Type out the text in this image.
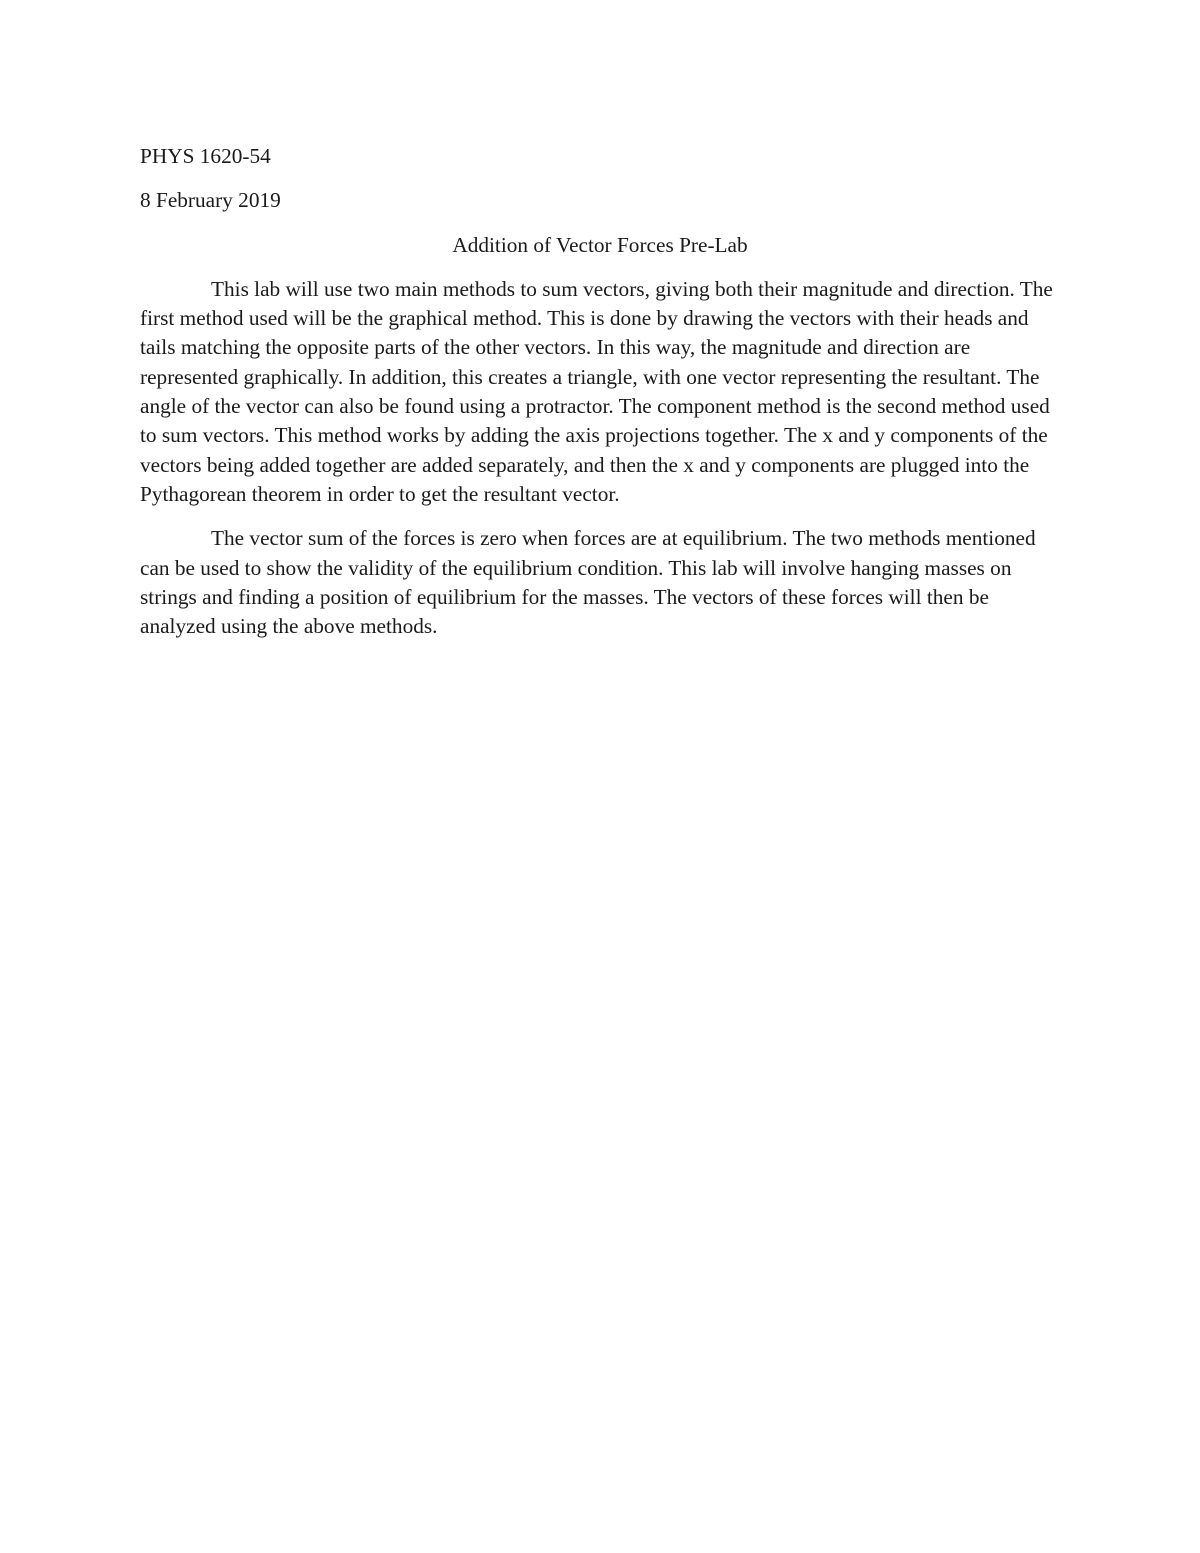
PHYS 1620-54

8 February 2019

Addition of Vector Forces Pre-Lab

This lab will use two main methods to sum vectors, giving both their magnitude and direction. The first method used will be the graphical method. This is done by drawing the vectors with their heads and tails matching the opposite parts of the other vectors. In this way, the magnitude and direction are represented graphically. In addition, this creates a triangle, with one vector representing the resultant. The angle of the vector can also be found using a protractor. The component method is the second method used to sum vectors. This method works by adding the axis projections together. The x and y components of the vectors being added together are added separately, and then the x and y components are plugged into the Pythagorean theorem in order to get the resultant vector.

The vector sum of the forces is zero when forces are at equilibrium. The two methods mentioned can be used to show the validity of the equilibrium condition. This lab will involve hanging masses on strings and finding a position of equilibrium for the masses. The vectors of these forces will then be analyzed using the above methods.
